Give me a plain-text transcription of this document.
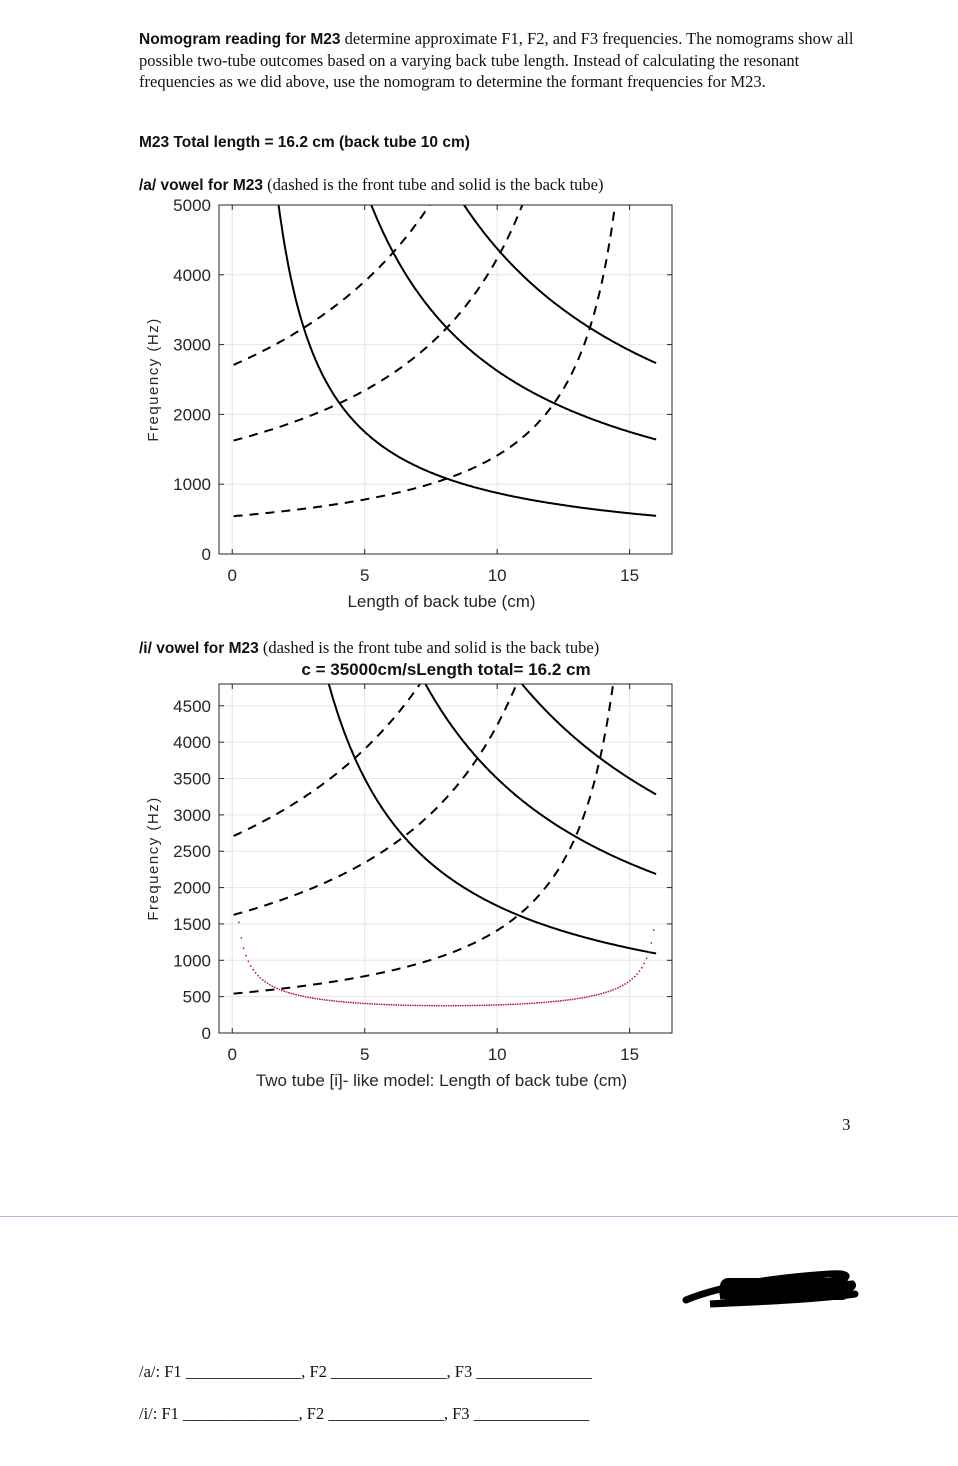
Nomogram reading for M23 determine approximate F1, F2, and F3 frequencies. The nomograms show all possible two-tube outcomes based on a varying back tube length. Instead of calculating the resonant frequencies as we did above, use the nomogram to determine the formant frequencies for M23.
M23 Total length = 16.2 cm (back tube 10 cm)
/a/ vowel for M23 (dashed is the front tube and solid is the back tube)
0	5	10	15
0
1000
2000
3000
4000
5000
Length of back tube (cm)
Frequency (Hz)
/i/ vowel for M23 (dashed is the front tube and solid is the back tube)
0	5	10	15
0
500
1000
1500
2000
2500
3000
3500
4000
4500
Two tube [i]- like model: Length of back tube (cm)
Frequency (Hz)
c = 35000cm/sLength total= 16.2 cm
3
/a/: F1 ______________, F2 ______________, F3 ______________
/i/: F1 ______________, F2 ______________, F3 ______________
